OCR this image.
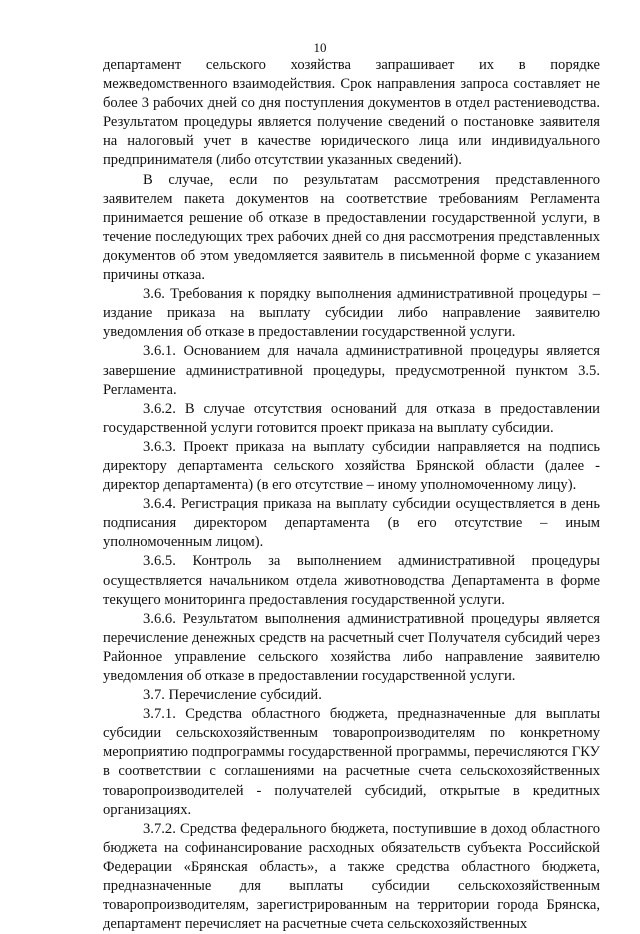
10

департамент сельского хозяйства запрашивает их в порядке межведомственного взаимодействия. Срок направления запроса составляет не более 3 рабочих дней со дня поступления документов в отдел растениеводства. Результатом процедуры является получение сведений о постановке заявителя на налоговый учет в качестве юридического лица или индивидуального предпринимателя (либо отсутствии указанных сведений).

В случае, если по результатам рассмотрения представленного заявителем пакета документов на соответствие требованиям Регламента принимается решение об отказе в предоставлении государственной услуги, в течение последующих трех рабочих дней со дня рассмотрения представленных документов об этом уведомляется заявитель в письменной форме с указанием причины отказа.

3.6. Требования к порядку выполнения административной процедуры – издание приказа на выплату субсидии либо направление заявителю уведомления об отказе в предоставлении государственной услуги.

3.6.1. Основанием для начала административной процедуры является завершение административной процедуры, предусмотренной пунктом 3.5. Регламента.

3.6.2. В случае отсутствия оснований для отказа в предоставлении государственной услуги готовится проект приказа на выплату субсидии.

3.6.3. Проект приказа на выплату субсидии направляется на подпись директору департамента сельского хозяйства Брянской области (далее - директор департамента) (в его отсутствие – иному уполномоченному лицу).

3.6.4. Регистрация приказа на выплату субсидии осуществляется в день подписания директором департамента (в его отсутствие – иным уполномоченным лицом).

3.6.5. Контроль за выполнением административной процедуры осуществляется начальником отдела животноводства Департамента в форме текущего мониторинга предоставления государственной услуги.

3.6.6. Результатом выполнения административной процедуры является перечисление денежных средств на расчетный счет Получателя субсидий через Районное управление сельского хозяйства либо направление заявителю уведомления об отказе в предоставлении государственной услуги.

3.7. Перечисление субсидий.

3.7.1. Средства областного бюджета, предназначенные для выплаты субсидии сельскохозяйственным товаропроизводителям по конкретному мероприятию подпрограммы государственной программы, перечисляются ГКУ в соответствии с соглашениями на расчетные счета сельскохозяйственных товаропроизводителей - получателей субсидий, открытые в кредитных организациях.

3.7.2. Средства федерального бюджета, поступившие в доход областного бюджета на софинансирование расходных обязательств субъекта Российской Федерации «Брянская область», а также средства областного бюджета, предназначенные для выплаты субсидии сельскохозяйственным товаропроизводителям, зарегистрированным на территории города Брянска, департамент перечисляет на расчетные счета сельскохозяйственных
